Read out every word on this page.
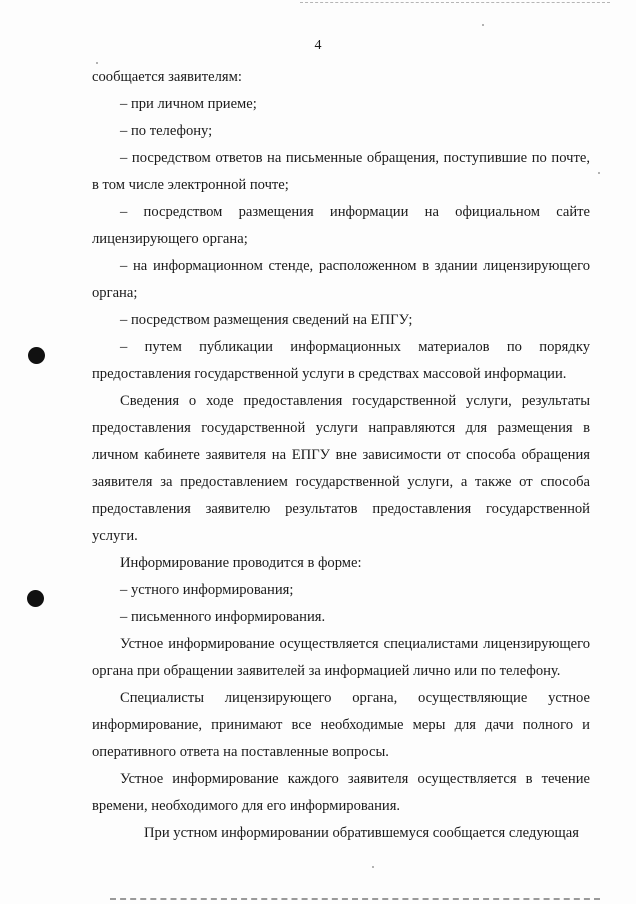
4

сообщается заявителям:

– при личном приеме;

– по телефону;

– посредством ответов на письменные обращения, поступившие по почте, в том числе электронной почте;

– посредством размещения информации на официальном сайте лицензирующего органа;

– на информационном стенде, расположенном в здании лицензирующего органа;

– посредством размещения сведений на ЕПГУ;

– путем публикации информационных материалов по порядку предоставления государственной услуги в средствах массовой информации.

Сведения о ходе предоставления государственной услуги, результаты предоставления государственной услуги направляются для размещения в личном кабинете заявителя на ЕПГУ вне зависимости от способа обращения заявителя за предоставлением государственной услуги, а также от способа предоставления заявителю результатов предоставления государственной услуги.

Информирование проводится в форме:

– устного информирования;

– письменного информирования.

Устное информирование осуществляется специалистами лицензирующего органа при обращении заявителей за информацией лично или по телефону.

Специалисты лицензирующего органа, осуществляющие устное информирование, принимают все необходимые меры для дачи полного и оперативного ответа на поставленные вопросы.

Устное информирование каждого заявителя осуществляется в течение времени, необходимого для его информирования.

При устном информировании обратившемуся сообщается следующая
